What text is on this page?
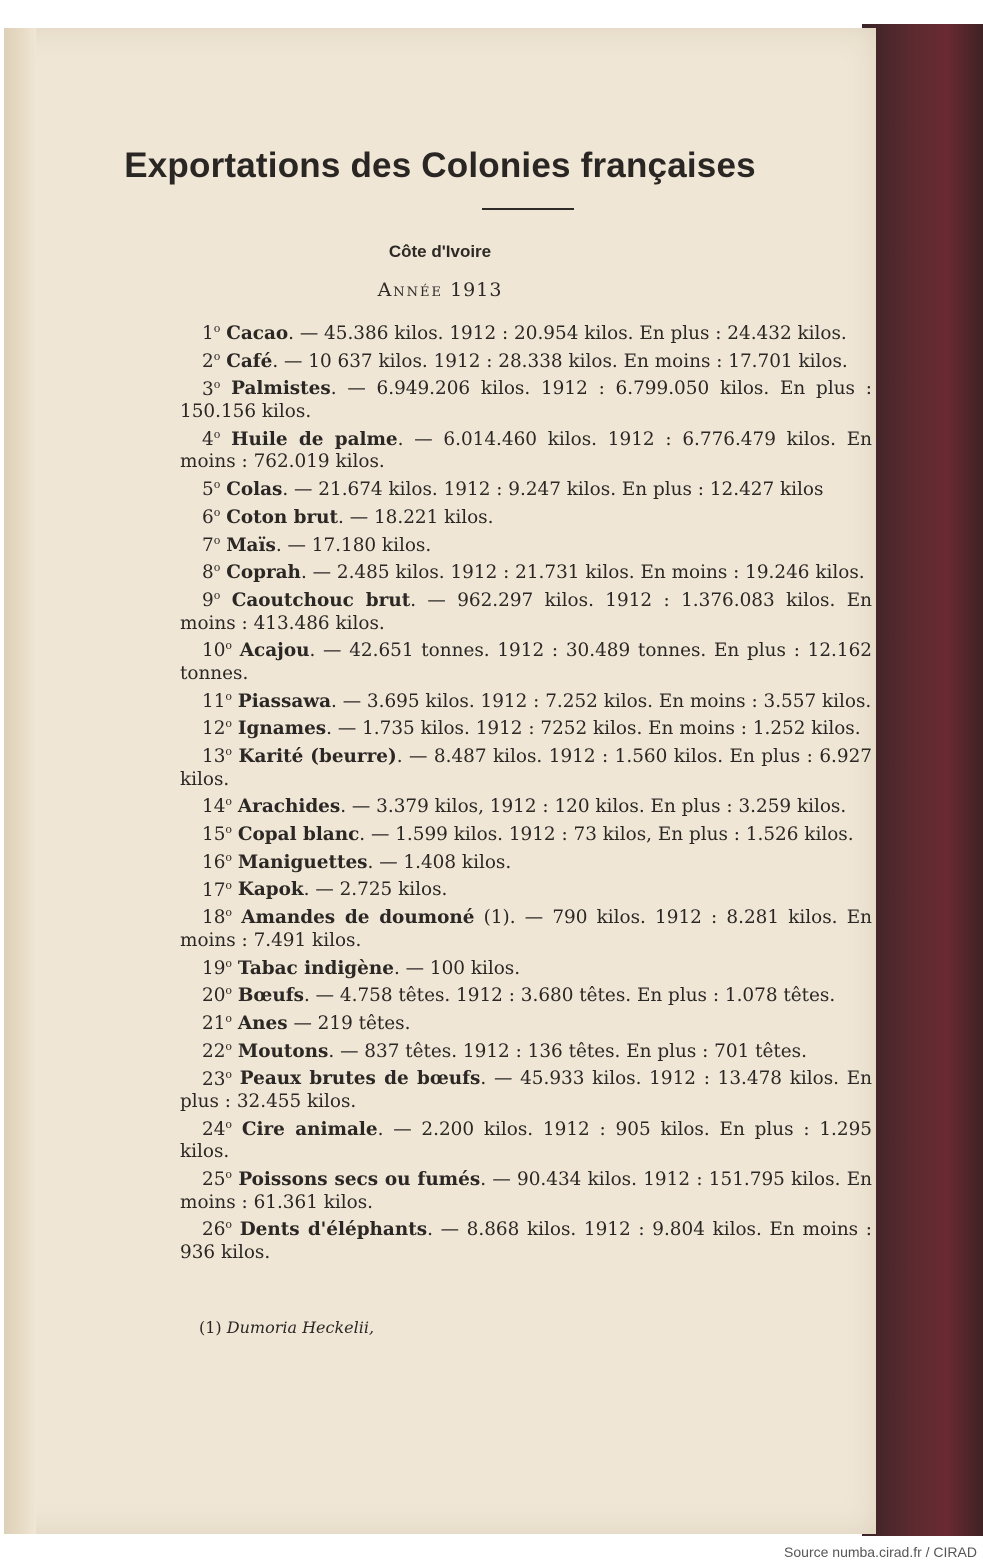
Exportations des Colonies françaises
Côte d'Ivoire
Année 1913
1$^o$ Cacao. — 45.386 kilos. 1912 : 20.954 kilos. En plus : 24.432 kilos.
2$^o$ Café. — 10 637 kilos. 1912 : 28.338 kilos. En moins : 17.701 kilos.
3$^o$ Palmistes. — 6.949.206 kilos. 1912 : 6.799.050 kilos. En plus : 150.156 kilos.
4$^o$ Huile de palme. — 6.014.460 kilos. 1912 : 6.776.479 kilos. En moins : 762.019 kilos.
5$^o$ Colas. — 21.674 kilos. 1912 : 9.247 kilos. En plus : 12.427 kilos
6$^o$ Coton brut. — 18.221 kilos.
7$^o$ Maïs. — 17.180 kilos.
8$^o$ Coprah. — 2.485 kilos. 1912 : 21.731 kilos. En moins : 19.246 kilos.
9$^o$ Caoutchouc brut. — 962.297 kilos. 1912 : 1.376.083 kilos. En moins : 413.486 kilos.
10$^o$ Acajou. — 42.651 tonnes. 1912 : 30.489 tonnes. En plus : 12.162 tonnes.
11$^o$ Piassawa. — 3.695 kilos. 1912 : 7.252 kilos. En moins : 3.557 kilos.
12$^o$ Ignames. — 1.735 kilos. 1912 : 7252 kilos. En moins : 1.252 kilos.
13$^o$ Karité (beurre). — 8.487 kilos. 1912 : 1.560 kilos. En plus : 6.927 kilos.
14$^o$ Arachides. — 3.379 kilos, 1912 : 120 kilos. En plus : 3.259 kilos.
15$^o$ Copal blanc. — 1.599 kilos. 1912 : 73 kilos, En plus : 1.526 kilos.
16$^o$ Maniguettes. — 1.408 kilos.
17$^o$ Kapok. — 2.725 kilos.
18$^o$ Amandes de doumoné (1). — 790 kilos. 1912 : 8.281 kilos. En moins : 7.491 kilos.
19$^o$ Tabac indigène. — 100 kilos.
20$^o$ Bœufs. — 4.758 têtes. 1912 : 3.680 têtes. En plus : 1.078 têtes.
21$^o$ Anes — 219 têtes.
22$^o$ Moutons. — 837 têtes. 1912 : 136 têtes. En plus : 701 têtes.
23$^o$ Peaux brutes de bœufs. — 45.933 kilos. 1912 : 13.478 kilos. En plus : 32.455 kilos.
24$^o$ Cire animale. — 2.200 kilos. 1912 : 905 kilos. En plus : 1.295 kilos.
25$^o$ Poissons secs ou fumés. — 90.434 kilos. 1912 : 151.795 kilos. En moins : 61.361 kilos.
26$^o$ Dents d'éléphants. — 8.868 kilos. 1912 : 9.804 kilos. En moins : 936 kilos.
(1) Dumoria Heckelii,
Source numba.cirad.fr / CIRAD
